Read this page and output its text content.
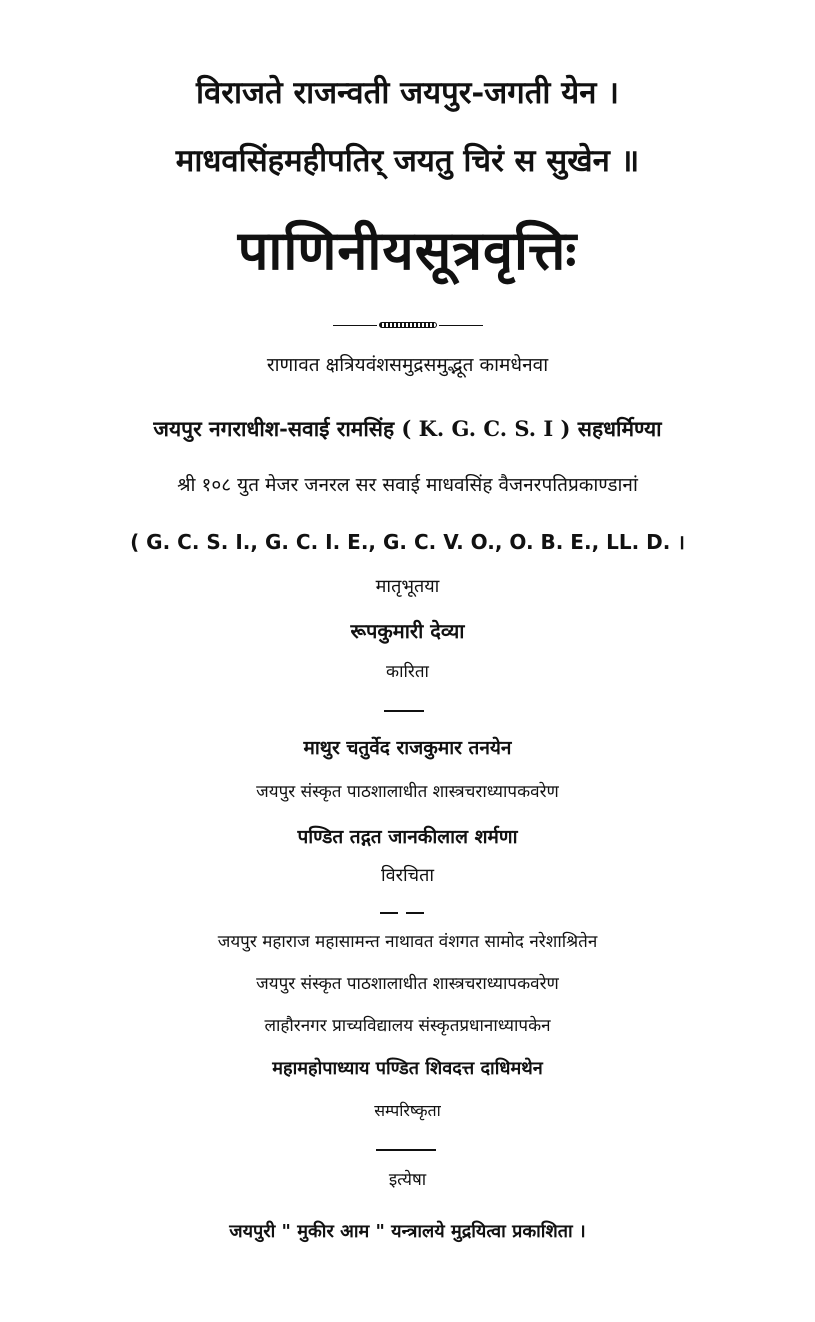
विराजते राजन्वती जयपुर-जगती येन ।
माधवसिंहमहीपतिर् जयतु चिरं स सुखेन ॥
पाणिनीयसूत्रवृत्तिः
राणावत क्षत्रियवंशसमुद्रसमुद्भूत कामधेनवा
जयपुर नगराधीश-सवाई रामसिंह ( K. G. C. S. I ) सहधर्मिण्या
श्री १०८ युत मेजर जनरल सर सवाई माधवसिंह वैजनरपतिप्रकाण्डानां
( G. C. S. I., G. C. I. E., G. C. V. O., O. B. E., LL. D. ।
मातृभूतया
रूपकुमारी देव्या
कारिता
माथुर चतुर्वेद राजकुमार तनयेन
जयपुर संस्कृत पाठशालाधीत शास्त्रचराध्यापकवरेण
पण्डित तद्गत जानकीलाल शर्मणा
विरचिता
जयपुर महाराज महासामन्त नाथावत वंशगत सामोद नरेशाश्रितेन
जयपुर संस्कृत पाठशालाधीत शास्त्रचराध्यापकवरेण
लाहौरनगर प्राच्यविद्यालय संस्कृतप्रधानाध्यापकेन
महामहोपाध्याय पण्डित शिवदत्त दाधिमथेन
सम्परिष्कृता
इत्येषा
जयपुरी " मुकीर आम " यन्त्रालये मुद्रयित्वा प्रकाशिता ।
